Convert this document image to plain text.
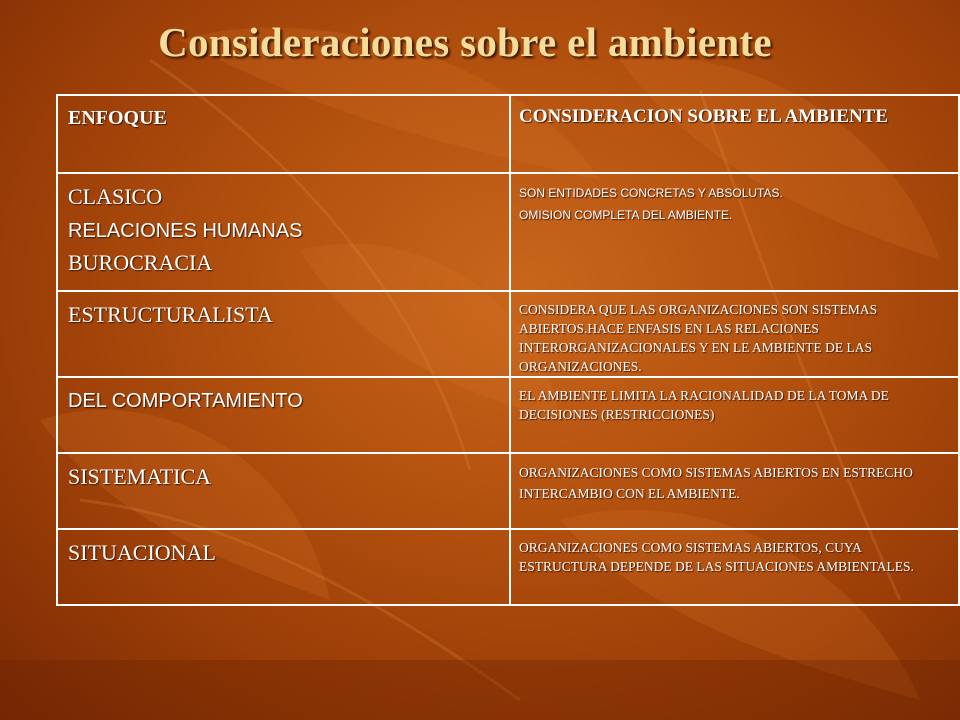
Consideraciones sobre el ambiente
ENFOQUE	CONSIDERACION SOBRE EL AMBIENTE

CLASICO
RELACIONES HUMANAS
BUROCRACIA	SON ENTIDADES CONCRETAS Y ABSOLUTAS.
OMISION COMPLETA DEL AMBIENTE.

ESTRUCTURALISTA	CONSIDERA QUE LAS ORGANIZACIONES SON SISTEMAS ABIERTOS.HACE ENFASIS EN LAS RELACIONES INTERORGANIZACIONALES Y EN LE AMBIENTE DE LAS ORGANIZACIONES.

DEL COMPORTAMIENTO	EL AMBIENTE LIMITA LA RACIONALIDAD DE LA TOMA DE DECISIONES (RESTRICCIONES)

SISTEMATICA	ORGANIZACIONES COMO SISTEMAS ABIERTOS EN ESTRECHO INTERCAMBIO CON EL AMBIENTE.

SITUACIONAL	ORGANIZACIONES COMO SISTEMAS ABIERTOS, CUYA ESTRUCTURA DEPENDE DE LAS SITUACIONES AMBIENTALES.
